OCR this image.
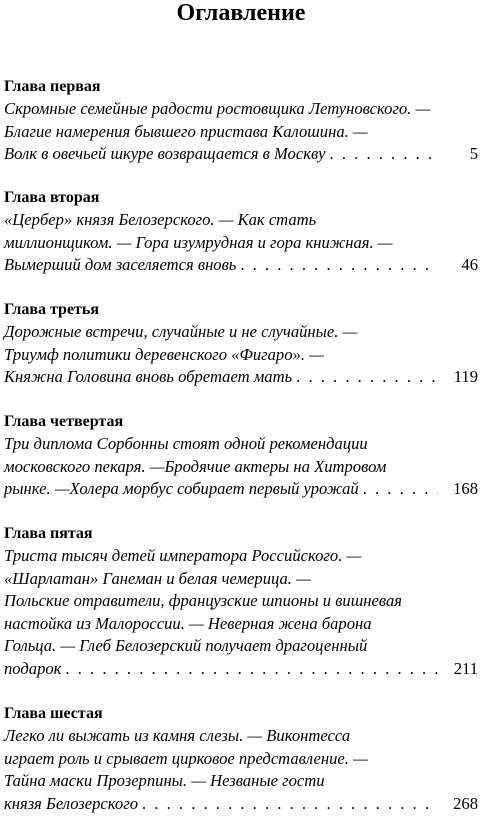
Оглавление
Глава первая
Скромные семейные радости ростовщика Летуновского. —
Благие намерения бывшего пристава Калошина. —
Волк в овечьей шкуре возвращается в Москву . . .	5
Глава вторая
«Цербер» князя Белозерского. — Как стать
миллионщиком. — Гора изумрудная и гора книжная. —
Вымерший дом заселяется вновь . . .	46
Глава третья
Дорожные встречи, случайные и не случайные. —
Триумф политики деревенского «Фигаро». —
Княжна Головина вновь обретает мать . . .	119
Глава четвертая
Три диплома Сорбонны стоят одной рекомендации
московского пекаря. —Бродячие актеры на Хитровом
рынке. —Холера морбус собирает первый урожай . . .	168
Глава пятая
Триста тысяч детей императора Российского. —
«Шарлатан» Ганеман и белая чемерица. —
Польские отравители, французские шпионы и вишневая
настойка из Малороссии. — Неверная жена барона
Гольца. — Глеб Белозерский получает драгоценный
подарок . . .	211
Глава шестая
Легко ли выжать из камня слезы. — Виконтесса
играет роль и срывает цирковое представление. —
Тайна маски Прозерпины. — Незваные гости
князя Белозерского . . .	268
